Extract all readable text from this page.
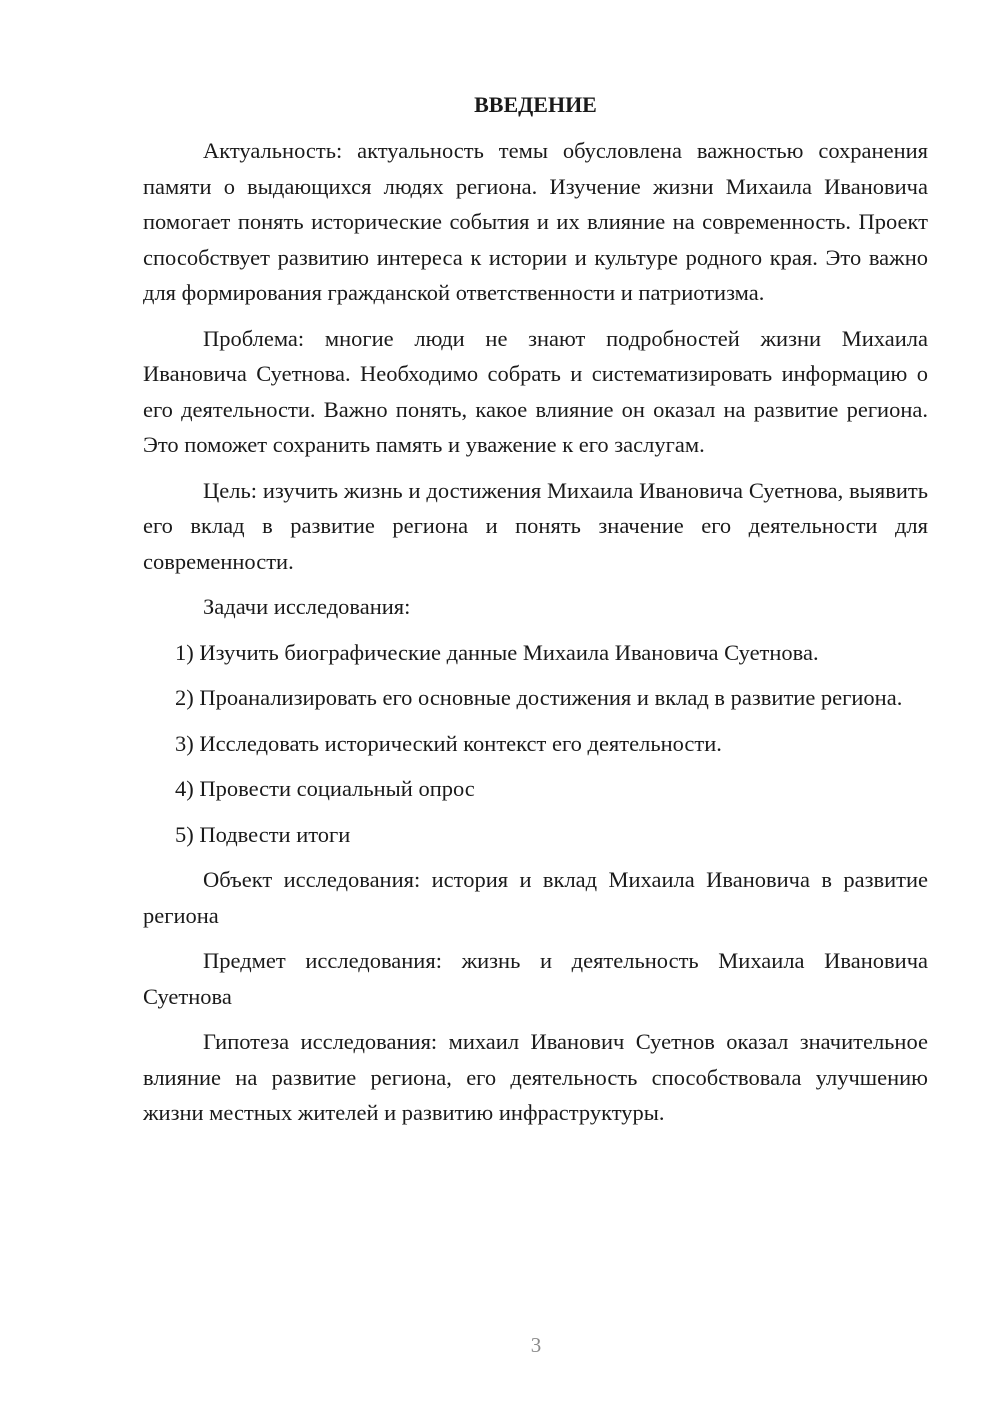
ВВЕДЕНИЕ

Актуальность: актуальность темы обусловлена важностью сохранения памяти о выдающихся людях региона. Изучение жизни Михаила Ивановича помогает понять исторические события и их влияние на современность. Проект способствует развитию интереса к истории и культуре родного края. Это важно для формирования гражданской ответственности и патриотизма.

Проблема: многие люди не знают подробностей жизни Михаила Ивановича Суетнова. Необходимо собрать и систематизировать информацию о его деятельности. Важно понять, какое влияние он оказал на развитие региона. Это поможет сохранить память и уважение к его заслугам.

Цель: изучить жизнь и достижения Михаила Ивановича Суетнова, выявить его вклад в развитие региона и понять значение его деятельности для современности.

Задачи исследования:

1) Изучить биографические данные Михаила Ивановича Суетнова.

2) Проанализировать его основные достижения и вклад в развитие региона.

3) Исследовать исторический контекст его деятельности.

4) Провести социальный опрос

5) Подвести итоги

Объект исследования: история и вклад Михаила Ивановича в развитие региона

Предмет исследования: жизнь и деятельность Михаила Ивановича Суетнова

Гипотеза исследования: михаил Иванович Суетнов оказал значительное влияние на развитие региона, его деятельность способствовала улучшению жизни местных жителей и развитию инфраструктуры.

3
